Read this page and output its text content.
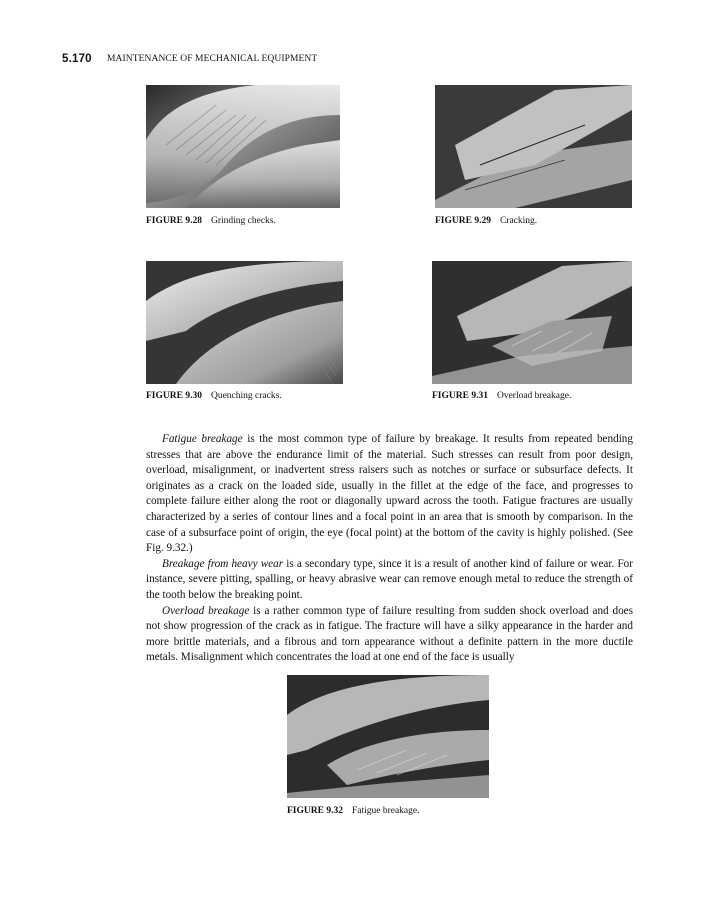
5.170 MAINTENANCE OF MECHANICAL EQUIPMENT
FIGURE 9.28 Grinding checks.	FIGURE 9.29 Cracking.
FIGURE 9.30 Quenching cracks.	FIGURE 9.31 Overload breakage.

Fatigue breakage is the most common type of failure by breakage. It results from repeated bending stresses that are above the endurance limit of the material. Such stresses can result from poor design, overload, misalignment, or inadvertent stress raisers such as notches or surface or subsurface defects. It originates as a crack on the loaded side, usually in the fillet at the edge of the face, and progresses to complete failure either along the root or diagonally upward across the tooth. Fatigue fractures are usually characterized by a series of contour lines and a focal point in an area that is smooth by comparison. In the case of a subsurface point of origin, the eye (focal point) at the bottom of the cavity is highly polished. (See Fig. 9.32.)

Breakage from heavy wear is a secondary type, since it is a result of another kind of failure or wear. For instance, severe pitting, spalling, or heavy abrasive wear can remove enough metal to reduce the strength of the tooth below the breaking point.

Overload breakage is a rather common type of failure resulting from sudden shock overload and does not show progression of the crack as in fatigue. The fracture will have a silky appearance in the harder and more brittle materials, and a fibrous and torn appearance without a definite pattern in the more ductile metals. Misalignment which concentrates the load at one end of the face is usually

FIGURE 9.32 Fatigue breakage.
